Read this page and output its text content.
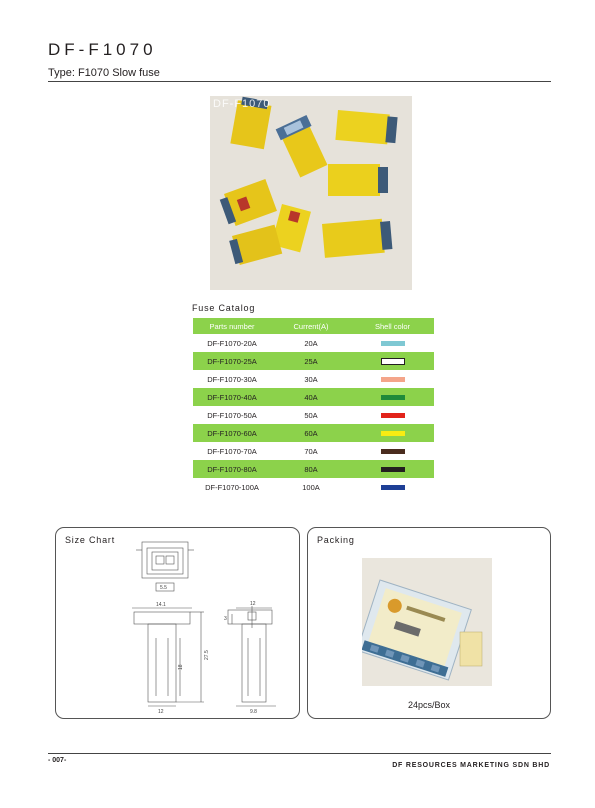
DF-F1070
Type: F1070 Slow fuse
DF-F1070
Fuse Catalog
Parts number	Current(A)	Shell color
DF-F1070-20A	20A
DF-F1070-25A	25A
DF-F1070-30A	30A
DF-F1070-40A	40A
DF-F1070-50A	50A
DF-F1070-60A	60A
DF-F1070-70A	70A
DF-F1070-80A	80A
DF-F1070-100A	100A
Size Chart
5.5
14.1
18
27.5
12
12
3
9.8
Packing
24pcs/Box
- 007-
DF RESOURCES MARKETING SDN BHD
